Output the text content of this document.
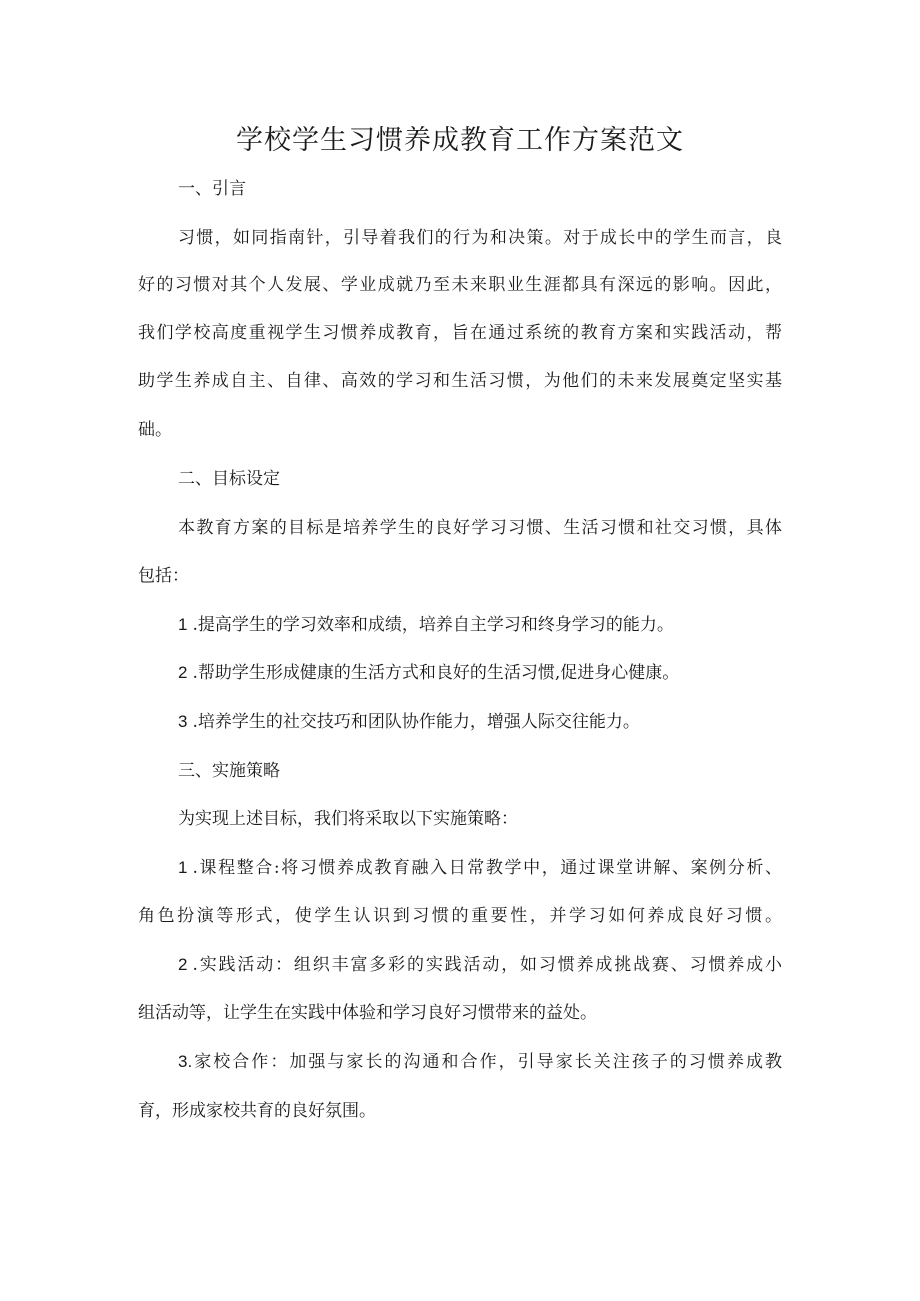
学校学生习惯养成教育工作方案范文
一、引言
习惯，如同指南针，引导着我们的行为和决策。对于成长中的学生而言，良
好的习惯对其个人发展、学业成就乃至未来职业生涯都具有深远的影响。因此，
我们学校高度重视学生习惯养成教育，旨在通过系统的教育方案和实践活动，帮
助学生养成自主、自律、高效的学习和生活习惯，为他们的未来发展奠定坚实基
础。
二、目标设定
本教育方案的目标是培养学生的良好学习习惯、生活习惯和社交习惯，具体
包括：
1 .提高学生的学习效率和成绩，培养自主学习和终身学习的能力。
2 .帮助学生形成健康的生活方式和良好的生活习惯,促进身心健康。
3 .培养学生的社交技巧和团队协作能力，增强人际交往能力。
三、实施策略
为实现上述目标，我们将采取以下实施策略：
1 .课程整合:将习惯养成教育融入日常教学中，通过课堂讲解、案例分析、
角色扮演等形式，使学生认识到习惯的重要性，并学习如何养成良好习惯。
2 .实践活动：组织丰富多彩的实践活动，如习惯养成挑战赛、习惯养成小
组活动等，让学生在实践中体验和学习良好习惯带来的益处。
3.家校合作：加强与家长的沟通和合作，引导家长关注孩子的习惯养成教
育，形成家校共育的良好氛围。
